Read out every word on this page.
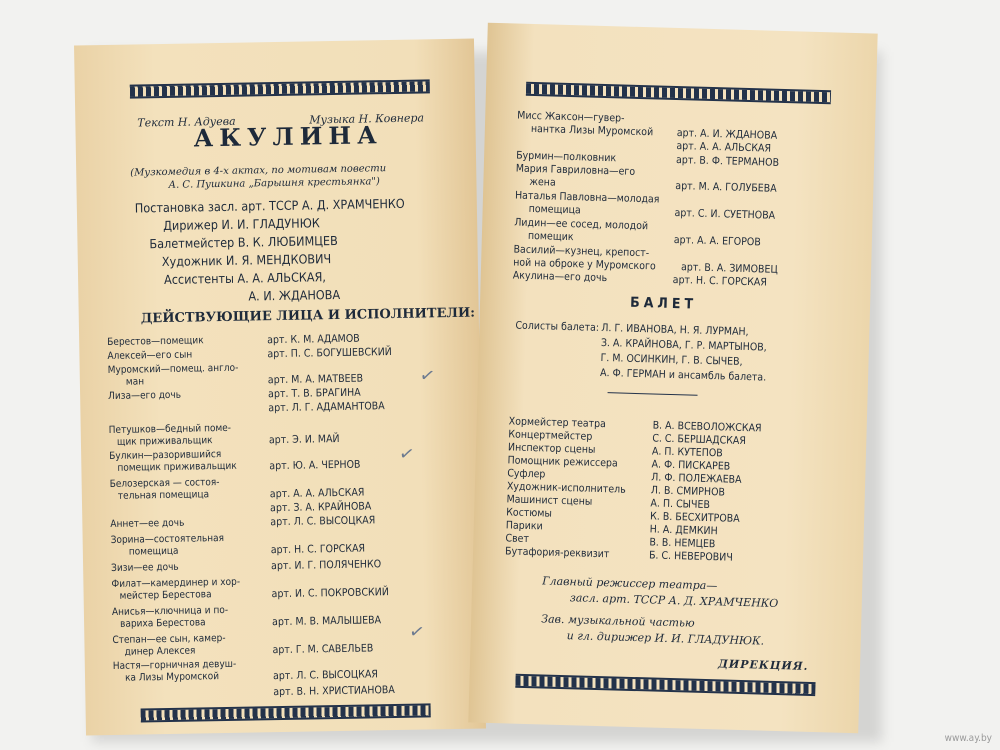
Текст Н. Адуева	Музыка Н. Ковнера
АКУЛИНА
(Музкомедия в 4-х актах, по мотивам повести
А. С. Пушкина „Барышня крестьянка")
Постановка засл. арт. ТССР А. Д. ХРАМЧЕНКО
Дирижер И. И. ГЛАДУНЮК
Балетмейстер В. К. ЛЮБИМЦЕВ
Художник И. Я. МЕНДКОВИЧ
Ассистенты А. А. АЛЬСКАЯ,
А. И. ЖДАНОВА
ДЕЙСТВУЮЩИЕ ЛИЦА И ИСПОЛНИТЕЛИ:
Берестов—помещик	арт. К. М. АДАМОВ
Алексей—его сын	арт. П. С. БОГУШЕВСКИЙ
Муромский—помещ. англо-
ман	арт. М. А. МАТВЕЕВ
Лиза—его дочь	арт. Т. В. БРАГИНА
арт. Л. Г. АДАМАНТОВА
Петушков—бедный поме-
щик приживальщик	арт. Э. И. МАЙ
Булкин—разорившийся
помещик приживальщик	арт. Ю. А. ЧЕРНОВ
Белозерская — состоя-
тельная помещица	арт. А. А. АЛЬСКАЯ
арт. З. А. КРАЙНОВА
Аннет—ее дочь	арт. Л. С. ВЫСОЦКАЯ
Зорина—состоятельная
помещица	арт. Н. С. ГОРСКАЯ
Зизи—ее дочь	арт. И. Г. ПОЛЯЧЕНКО
Филат—камердинер и хор-
мейстер Берестова	арт. И. С. ПОКРОВСКИЙ
Анисья—ключница и по-
вариха Берестова	арт. М. В. МАЛЫШЕВА
Степан—ее сын, камер-
динер Алексея	арт. Г. М. САВЕЛЬЕВ
Настя—горничная девуш-
ка Лизы Муромской	арт. Л. С. ВЫСОЦКАЯ
арт. В. Н. ХРИСТИАНОВА
✓
✓
✓
Мисс Жаксон—гувер-
нантка Лизы Муромской арт. А. И. ЖДАНОВА
арт. А. А. АЛЬСКАЯ
Бурмин—полковник	арт. В. Ф. ТЕРМАНОВ
Мария Гавриловна—его
жена	арт. М. А. ГОЛУБЕВА
Наталья Павловна—молодая
помещица	арт. С. И. СУЕТНОВА
Лидин—ее сосед, молодой
помещик	арт. А. А. ЕГОРОВ
Василий—кузнец, крепост-
ной на оброке у Муромского арт. В. А. ЗИМОВЕЦ
Акулина—его дочь	арт. Н. С. ГОРСКАЯ
БАЛЕТ
Солисты балета: Л. Г. ИВАНОВА, Н. Я. ЛУРМАН,
З. А. КРАЙНОВА, Г. Р. МАРТЫНОВ,
Г. М. ОСИНКИН, Г. В. СЫЧЕВ,
А. Ф. ГЕРМАН и ансамбль балета.
Хормейстер театра	В. А. ВСЕВОЛОЖСКАЯ
Концертмейстер	С. С. БЕРШАДСКАЯ
Инспектор сцены	А. П. КУТЕПОВ
Помощник режиссера	А. Ф. ПИСКАРЕВ
Суфлер	Л. Ф. ПОЛЕЖАЕВА
Художник-исполнитель Л. В. СМИРНОВ
Машинист сцены	А. П. СЫЧЕВ
Костюмы	К. В. БЕСХИТРОВА
Парики	Н. А. ДЕМКИН
Свет	В. В. НЕМЦЕВ
Бутафория-реквизит	Б. С. НЕВЕРОВИЧ
Главный режиссер театра—
засл. арт. ТССР А. Д. ХРАМЧЕНКО
Зав. музыкальной частью
и гл. дирижер И. И. ГЛАДУНЮК.
ДИРЕКЦИЯ.
www.ay.by
